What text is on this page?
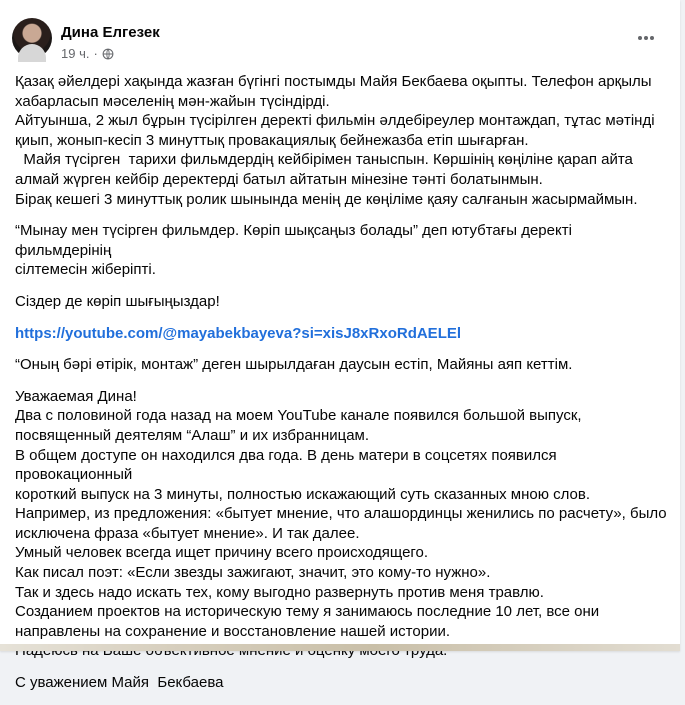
Дина Елгезек
19 ч. ·

Қазақ әйелдері хақында жазған бүгінгі постымды Майя Бекбаева оқыпты. Телефон арқылы
хабарласып мәселенің мән-жайын түсіндірді.
Айтуынша, 2 жыл бұрын түсірілген деректі фильмін әлдебіреулер монтаждап, тұтас мәтінді
қиып, жонып-кесіп 3 минуттық провакациялық бейнежазба етіп шығарған.
Майя түсірген  тарихи фильмдердің кейбірімен таныспын. Көршінің көңіліне қарап айта
алмай жүрген кейбір деректерді батыл айтатын мінезіне тәнті болатынмын.
Бірақ кешегі 3 минуттық ролик шынында менің де көңіліме қаяу салғанын жасырмаймын.

“Мынау мен түсірген фильмдер. Көріп шықсаңыз болады” деп ютубтағы деректі фильмдерінің
сілтемесін жіберіпті.

Сіздер де көріп шығыңыздар!

https://youtube.com/@mayabekbayeva?si=xisJ8xRxoRdAELEl

“Оның бәрі өтірік, монтаж” деген шырылдаған даусын естіп, Майяны аяп кеттім.

Уважаемая Дина!
Два с половиной года назад на моем YouTube канале появился большой выпуск,
посвященный деятелям “Алаш” и их избранницам.
В общем доступе он находился два года. В день матери в соцсетях появился провокационный
короткий выпуск на 3 минуты, полностью искажающий суть сказанных мною слов.
Например, из предложения: «бытует мнение, что алашординцы женились по расчету», было
исключена фраза «бытует мнение». И так далее.
Умный человек всегда ищет причину всего происходящего.
Как писал поэт: «Если звезды зажигают, значит, это кому-то нужно».
Так и здесь надо искать тех, кому выгодно развернуть против меня травлю.
Созданием проектов на историческую тему я занимаюсь последние 10 лет, все они
направлены на сохранение и восстановление нашей истории.

С уважением Майя  Бекбаева
